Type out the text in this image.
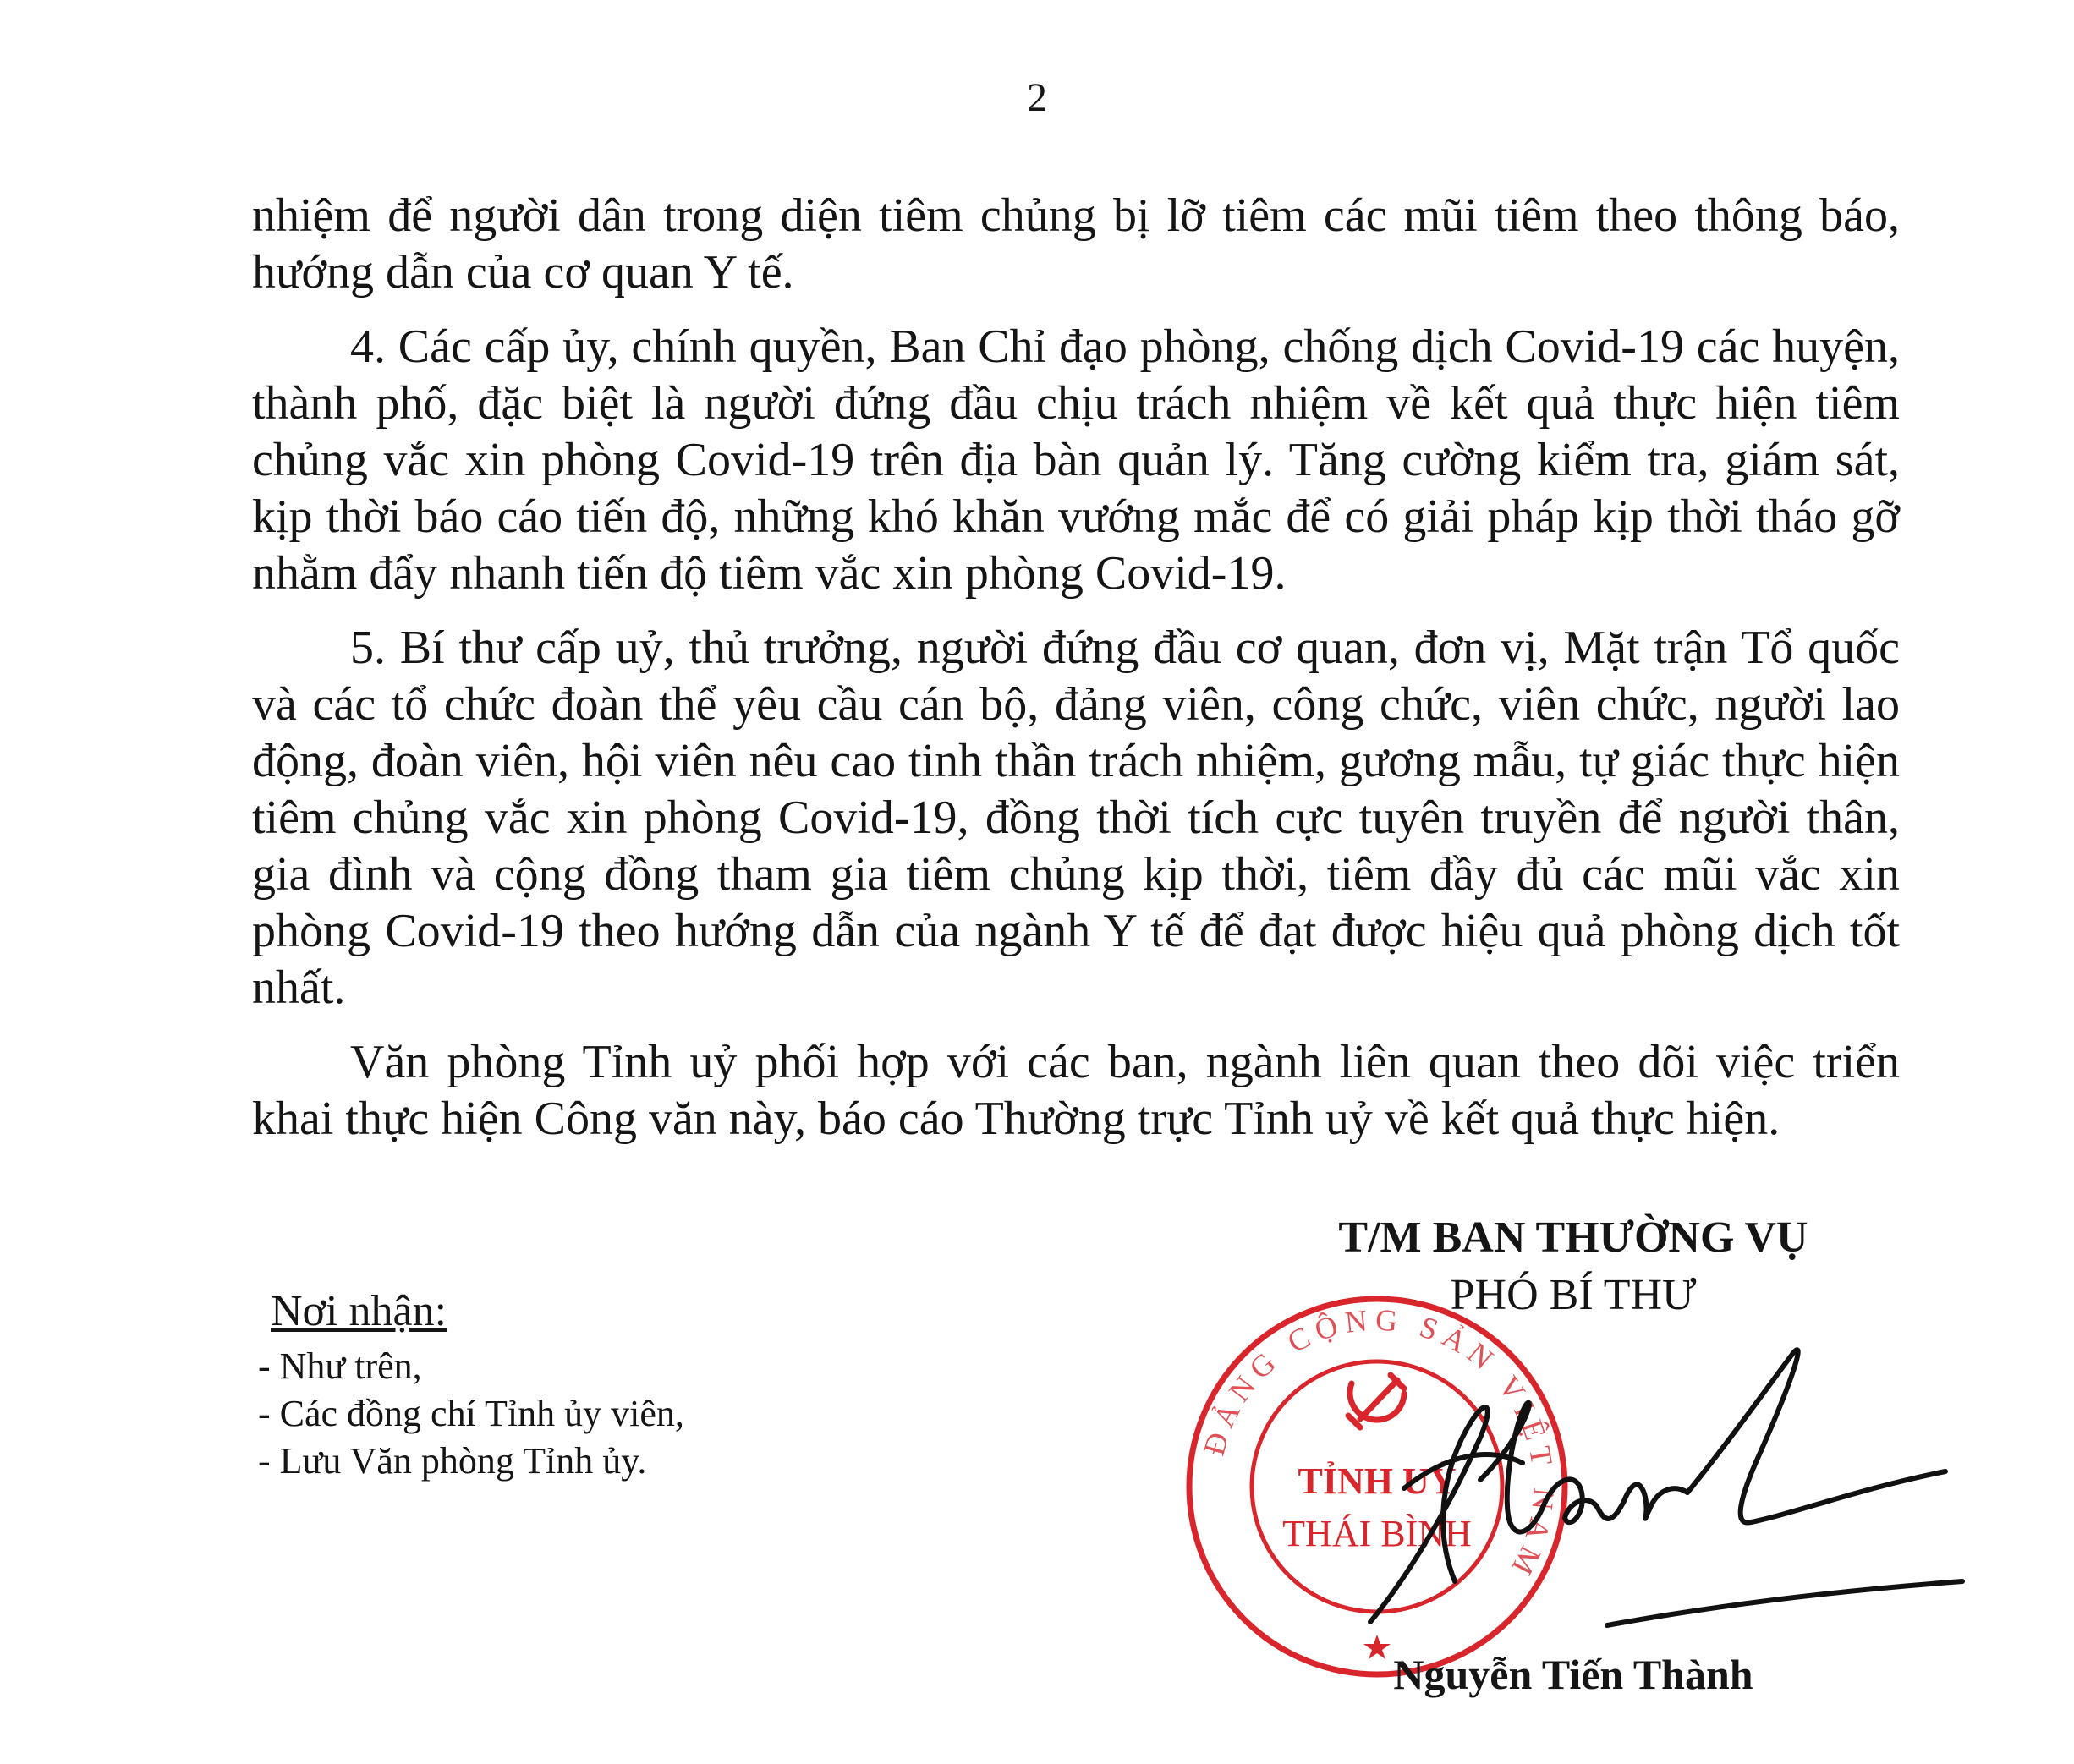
2

nhiệm để người dân trong diện tiêm chủng bị lỡ tiêm các mũi tiêm theo thông báo, hướng dẫn của cơ quan Y tế.

4. Các cấp ủy, chính quyền, Ban Chỉ đạo phòng, chống dịch Covid-19 các huyện, thành phố, đặc biệt là người đứng đầu chịu trách nhiệm về kết quả thực hiện tiêm chủng vắc xin phòng Covid-19 trên địa bàn quản lý. Tăng cường kiểm tra, giám sát, kịp thời báo cáo tiến độ, những khó khăn vướng mắc để có giải pháp kịp thời tháo gỡ nhằm đẩy nhanh tiến độ tiêm vắc xin phòng Covid-19.

5. Bí thư cấp uỷ, thủ trưởng, người đứng đầu cơ quan, đơn vị, Mặt trận Tổ quốc và các tổ chức đoàn thể yêu cầu cán bộ, đảng viên, công chức, viên chức, người lao động, đoàn viên, hội viên nêu cao tinh thần trách nhiệm, gương mẫu, tự giác thực hiện tiêm chủng vắc xin phòng Covid-19, đồng thời tích cực tuyên truyền để người thân, gia đình và cộng đồng tham gia tiêm chủng kịp thời, tiêm đầy đủ các mũi vắc xin phòng Covid-19 theo hướng dẫn của ngành Y tế để đạt được hiệu quả phòng dịch tốt nhất.

Văn phòng Tỉnh uỷ phối hợp với các ban, ngành liên quan theo dõi việc triển khai thực hiện Công văn này, báo cáo Thường trực Tỉnh uỷ về kết quả thực hiện.

Nơi nhận:
- Như trên,
- Các đồng chí Tỉnh ủy viên,
- Lưu Văn phòng Tỉnh ủy.
T/M BAN THƯỜNG VỤ
PHÓ BÍ THƯ
ĐẢNG CỘNG SẢN VIỆT NAM
TỈNH UỶ
THÁI BÌNH
Nguyễn Tiến Thành
